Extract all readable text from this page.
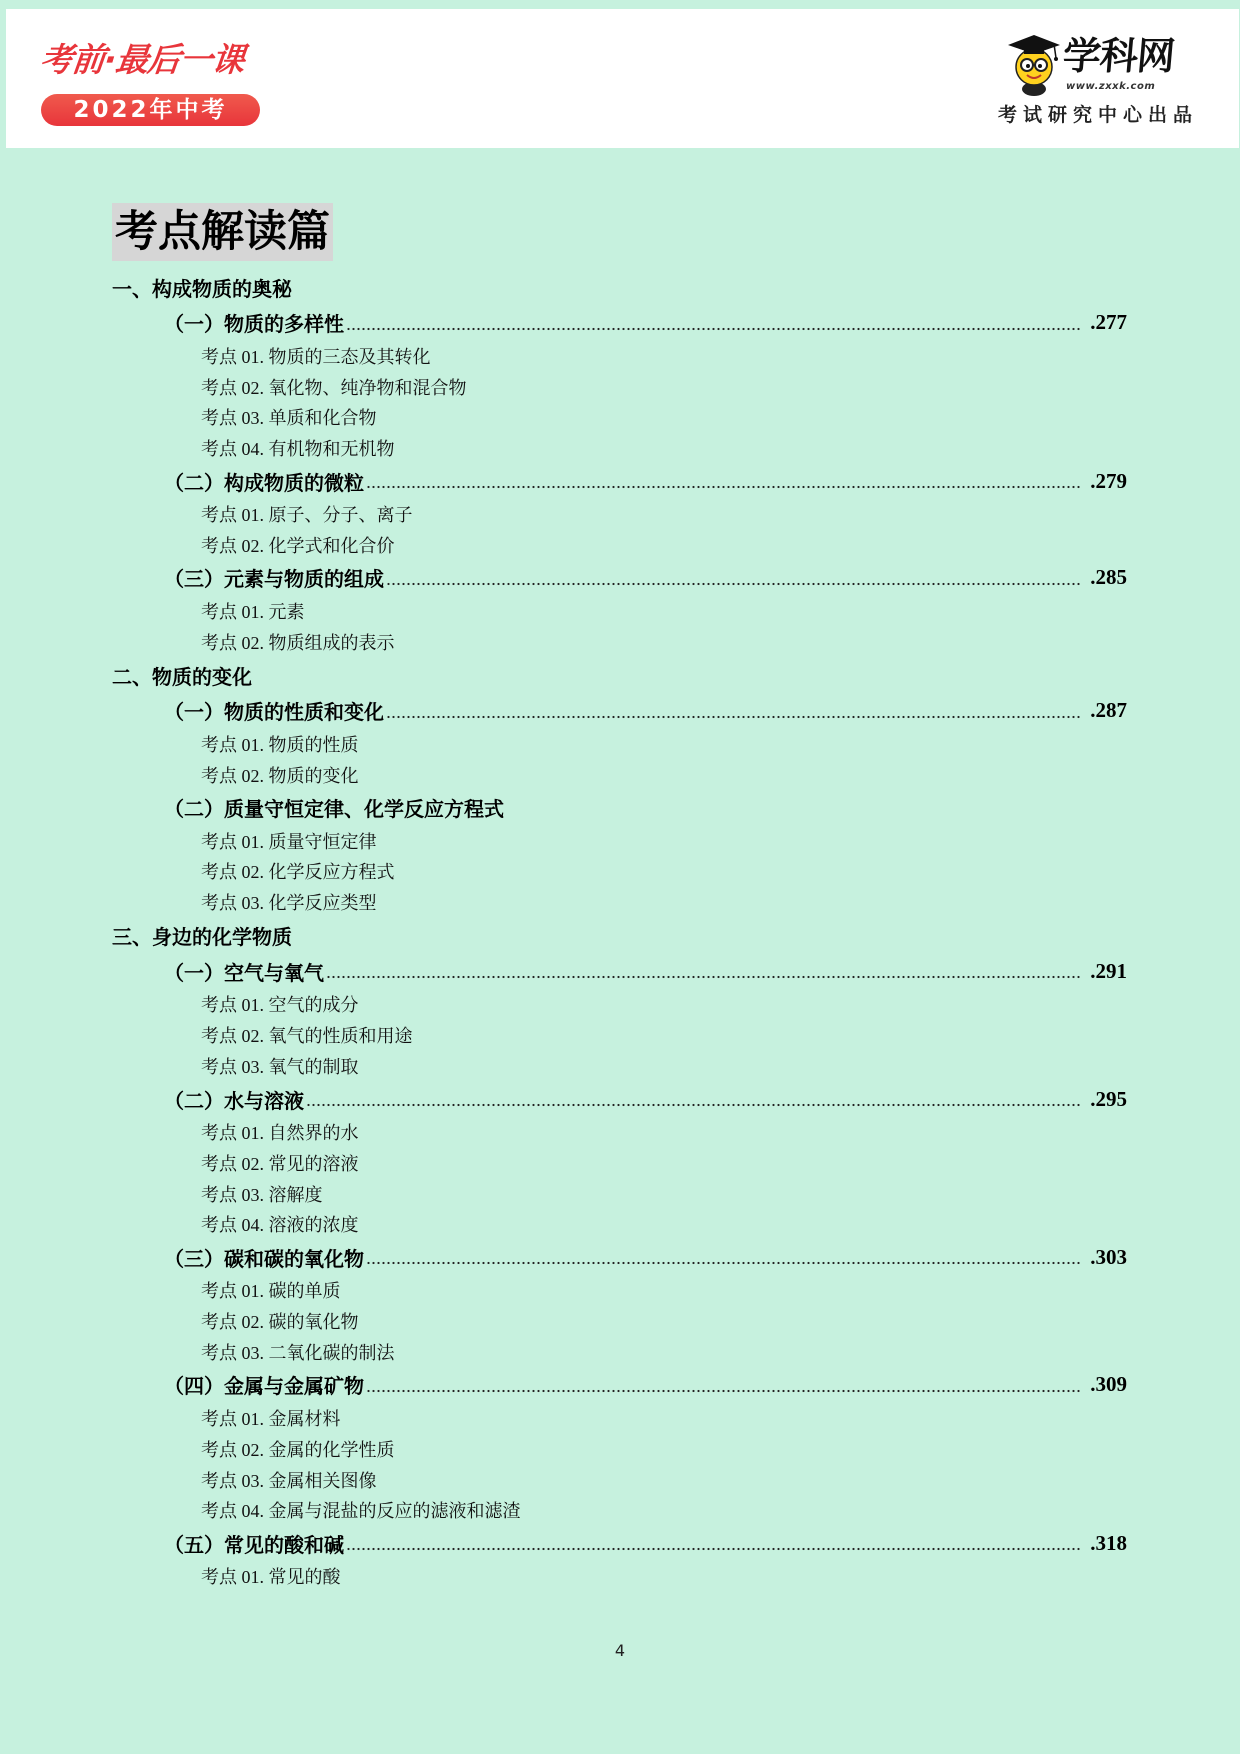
考前·最后一课
2022年中考
学科网
www.zxxk.com
考试研究中心出品
考点解读篇
一、构成物质的奥秘
（一）物质的多样性	.277
考点 01. 物质的三态及其转化
考点 02. 氧化物、纯净物和混合物
考点 03. 单质和化合物
考点 04. 有机物和无机物
（二）构成物质的微粒	.279
考点 01. 原子、分子、离子
考点 02. 化学式和化合价
（三）元素与物质的组成	.285
考点 01. 元素
考点 02. 物质组成的表示
二、物质的变化
（一）物质的性质和变化	.287
考点 01. 物质的性质
考点 02. 物质的变化
（二）质量守恒定律、化学反应方程式
考点 01. 质量守恒定律
考点 02. 化学反应方程式
考点 03. 化学反应类型
三、身边的化学物质
（一）空气与氧气	.291
考点 01. 空气的成分
考点 02. 氧气的性质和用途
考点 03. 氧气的制取
（二）水与溶液	.295
考点 01. 自然界的水
考点 02. 常见的溶液
考点 03. 溶解度
考点 04. 溶液的浓度
（三）碳和碳的氧化物	.303
考点 01. 碳的单质
考点 02. 碳的氧化物
考点 03. 二氧化碳的制法
（四）金属与金属矿物	.309
考点 01. 金属材料
考点 02. 金属的化学性质
考点 03. 金属相关图像
考点 04. 金属与混盐的反应的滤液和滤渣
（五）常见的酸和碱	.318
考点 01. 常见的酸
4
